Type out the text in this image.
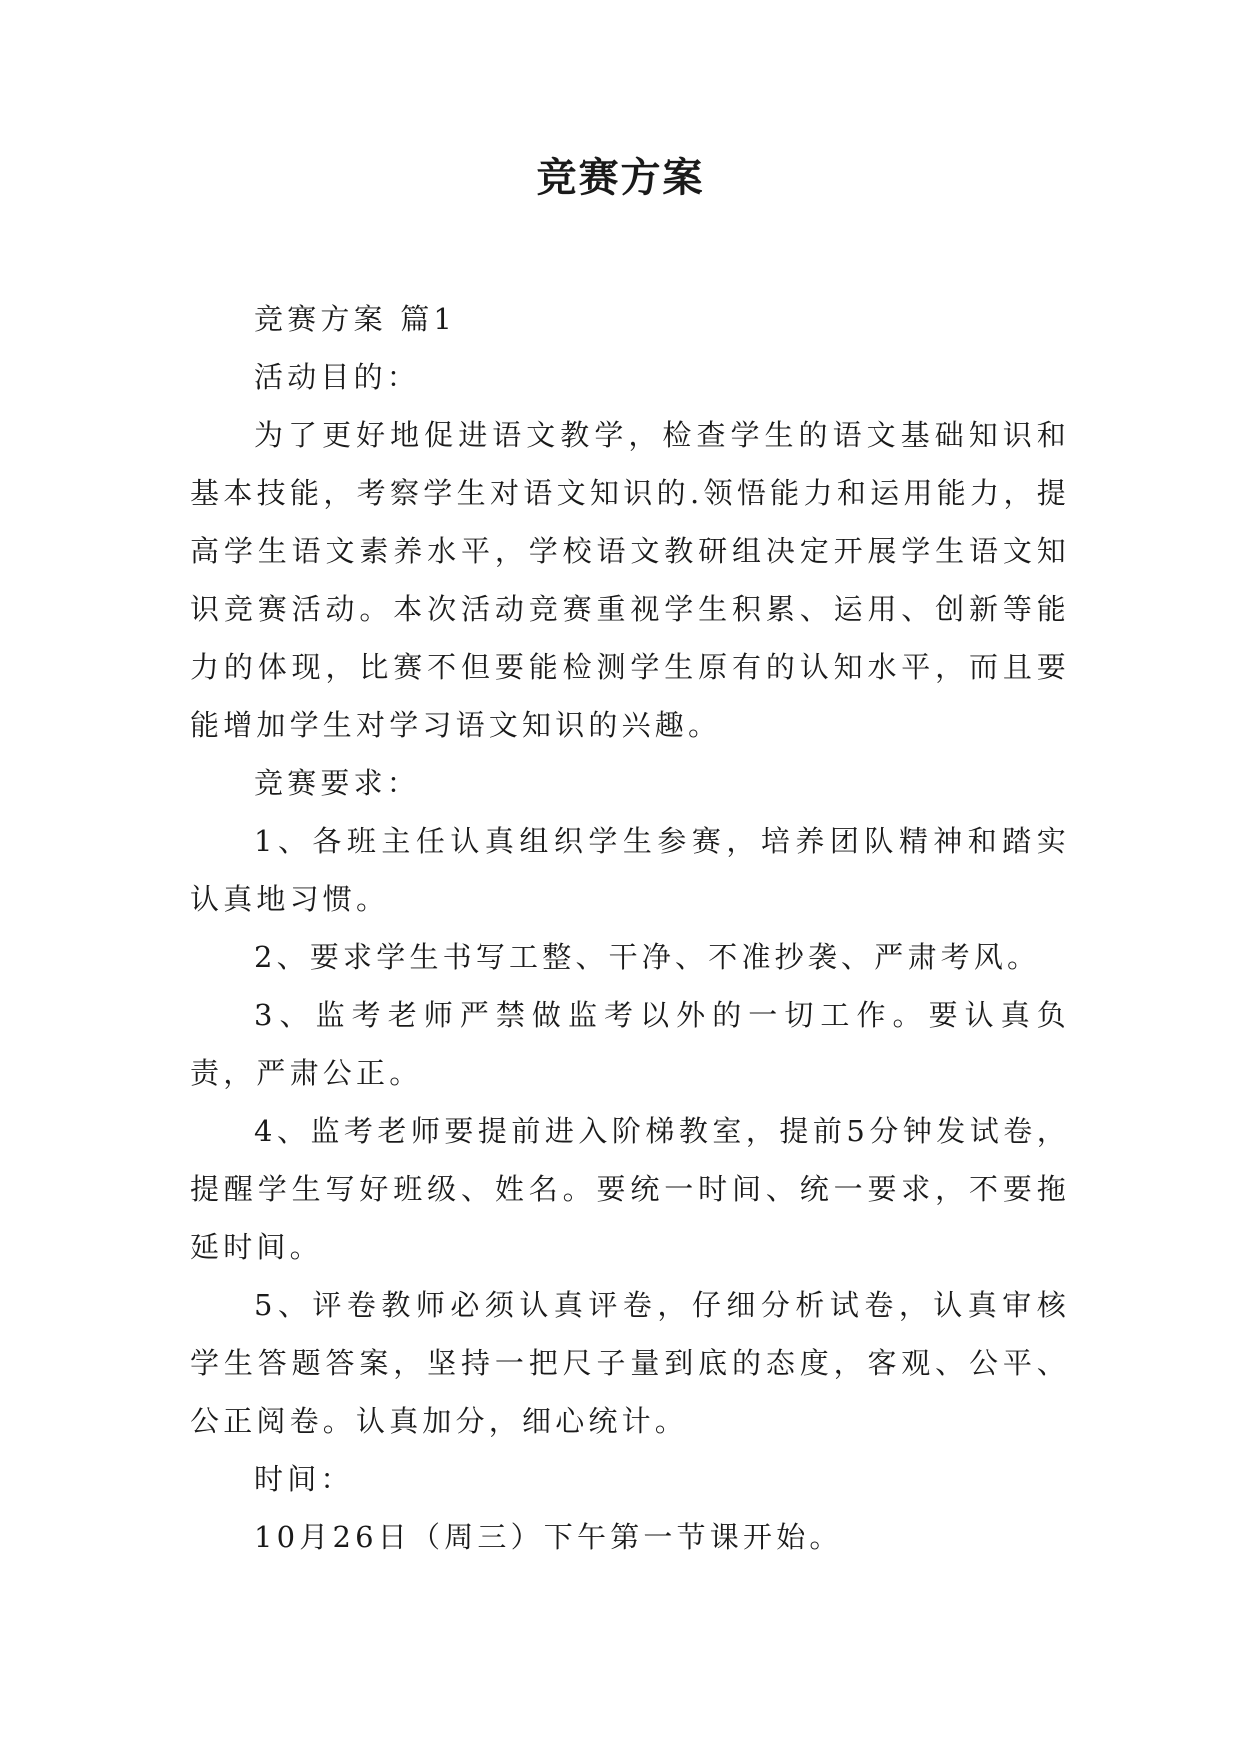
竞赛方案

竞赛方案 篇1

活动目的：

为了更好地促进语文教学，检查学生的语文基础知识和基本技能，考察学生对语文知识的.领悟能力和运用能力，提高学生语文素养水平，学校语文教研组决定开展学生语文知识竞赛活动。本次活动竞赛重视学生积累、运用、创新等能力的体现，比赛不但要能检测学生原有的认知水平，而且要能增加学生对学习语文知识的兴趣。

竞赛要求：

1、各班主任认真组织学生参赛，培养团队精神和踏实认真地习惯。

2、要求学生书写工整、干净、不准抄袭、严肃考风。

3、监考老师严禁做监考以外的一切工作。要认真负责，严肃公正。

4、监考老师要提前进入阶梯教室，提前5分钟发试卷，提醒学生写好班级、姓名。要统一时间、统一要求，不要拖延时间。

5、评卷教师必须认真评卷，仔细分析试卷，认真审核学生答题答案，坚持一把尺子量到底的态度，客观、公平、公正阅卷。认真加分，细心统计。

时间：

10月26日（周三）下午第一节课开始。
